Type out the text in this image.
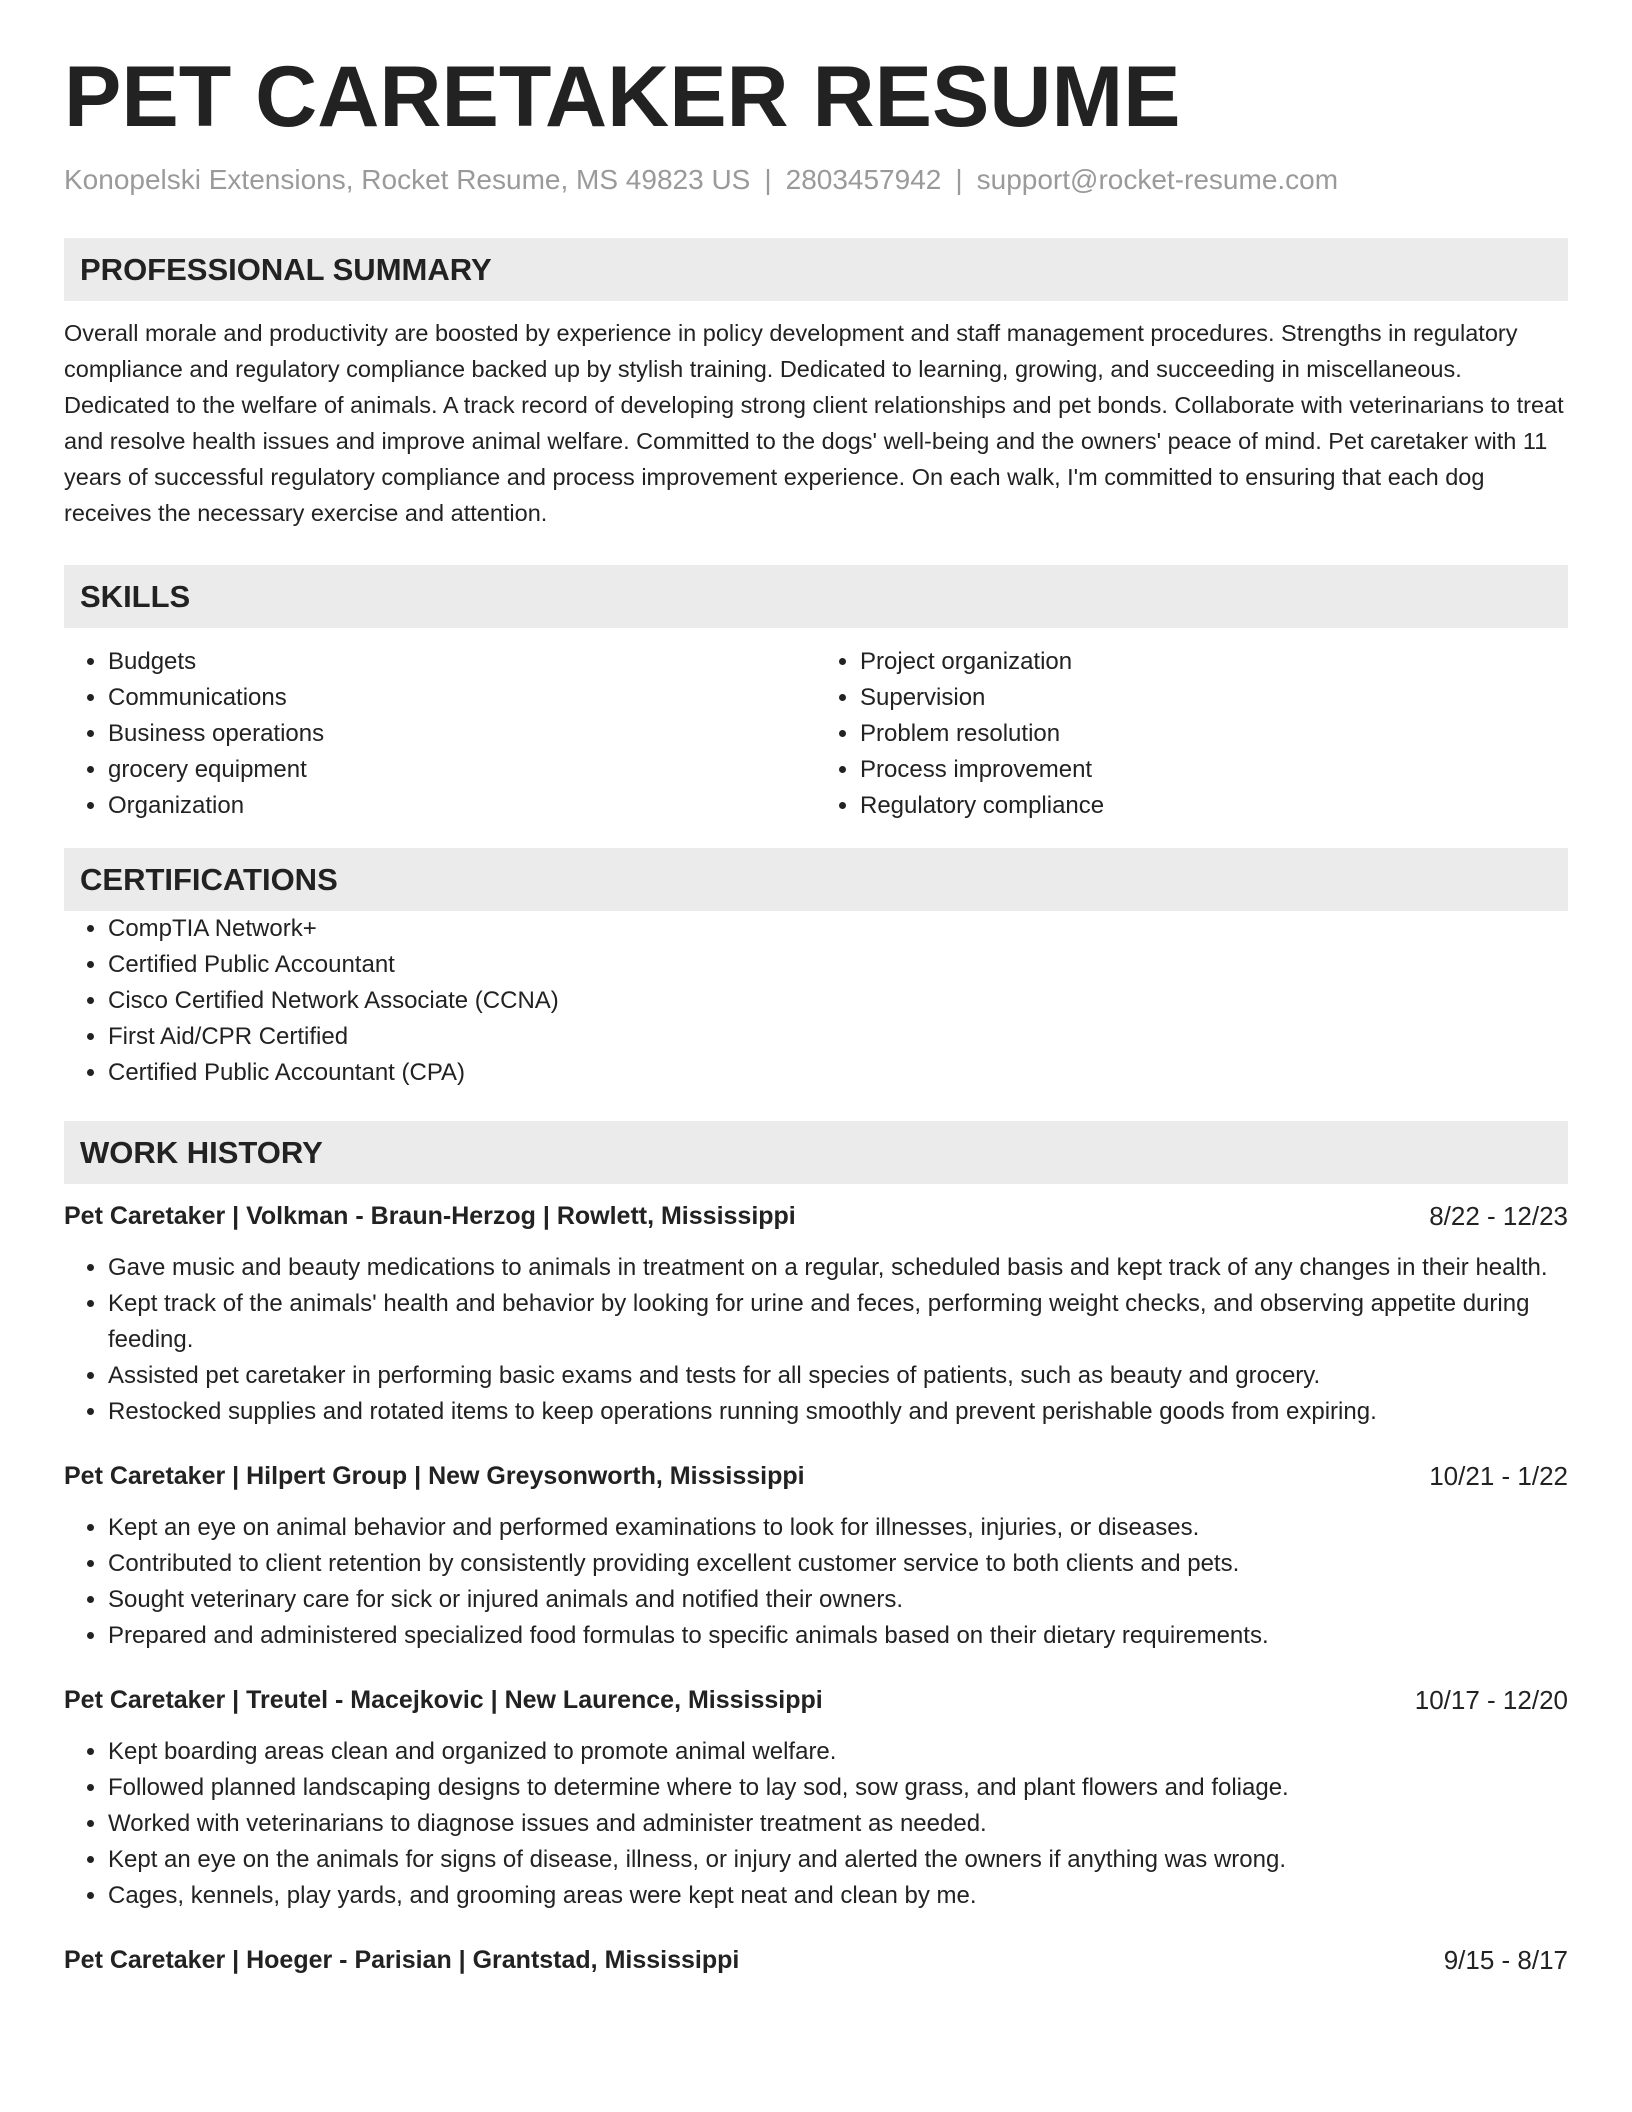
PET CARETAKER RESUME
Konopelski Extensions, Rocket Resume, MS 49823 US | 2803457942 | support@rocket-resume.com
PROFESSIONAL SUMMARY
Overall morale and productivity are boosted by experience in policy development and staff management procedures. Strengths in regulatory compliance and regulatory compliance backed up by stylish training. Dedicated to learning, growing, and succeeding in miscellaneous. Dedicated to the welfare of animals. A track record of developing strong client relationships and pet bonds. Collaborate with veterinarians to treat and resolve health issues and improve animal welfare. Committed to the dogs' well-being and the owners' peace of mind. Pet caretaker with 11 years of successful regulatory compliance and process improvement experience. On each walk, I'm committed to ensuring that each dog receives the necessary exercise and attention.
SKILLS
• Budgets
• Communications
• Business operations
• grocery equipment
• Organization
• Project organization
• Supervision
• Problem resolution
• Process improvement
• Regulatory compliance
CERTIFICATIONS
• CompTIA Network+
• Certified Public Accountant
• Cisco Certified Network Associate (CCNA)
• First Aid/CPR Certified
• Certified Public Accountant (CPA)
WORK HISTORY
Pet Caretaker | Volkman - Braun-Herzog | Rowlett, Mississippi	8/22 - 12/23
• Gave music and beauty medications to animals in treatment on a regular, scheduled basis and kept track of any changes in their health.
• Kept track of the animals' health and behavior by looking for urine and feces, performing weight checks, and observing appetite during feeding.
• Assisted pet caretaker in performing basic exams and tests for all species of patients, such as beauty and grocery.
• Restocked supplies and rotated items to keep operations running smoothly and prevent perishable goods from expiring.
Pet Caretaker | Hilpert Group | New Greysonworth, Mississippi	10/21 - 1/22
• Kept an eye on animal behavior and performed examinations to look for illnesses, injuries, or diseases.
• Contributed to client retention by consistently providing excellent customer service to both clients and pets.
• Sought veterinary care for sick or injured animals and notified their owners.
• Prepared and administered specialized food formulas to specific animals based on their dietary requirements.
Pet Caretaker | Treutel - Macejkovic | New Laurence, Mississippi	10/17 - 12/20
• Kept boarding areas clean and organized to promote animal welfare.
• Followed planned landscaping designs to determine where to lay sod, sow grass, and plant flowers and foliage.
• Worked with veterinarians to diagnose issues and administer treatment as needed.
• Kept an eye on the animals for signs of disease, illness, or injury and alerted the owners if anything was wrong.
• Cages, kennels, play yards, and grooming areas were kept neat and clean by me.
Pet Caretaker | Hoeger - Parisian | Grantstad, Mississippi	9/15 - 8/17
